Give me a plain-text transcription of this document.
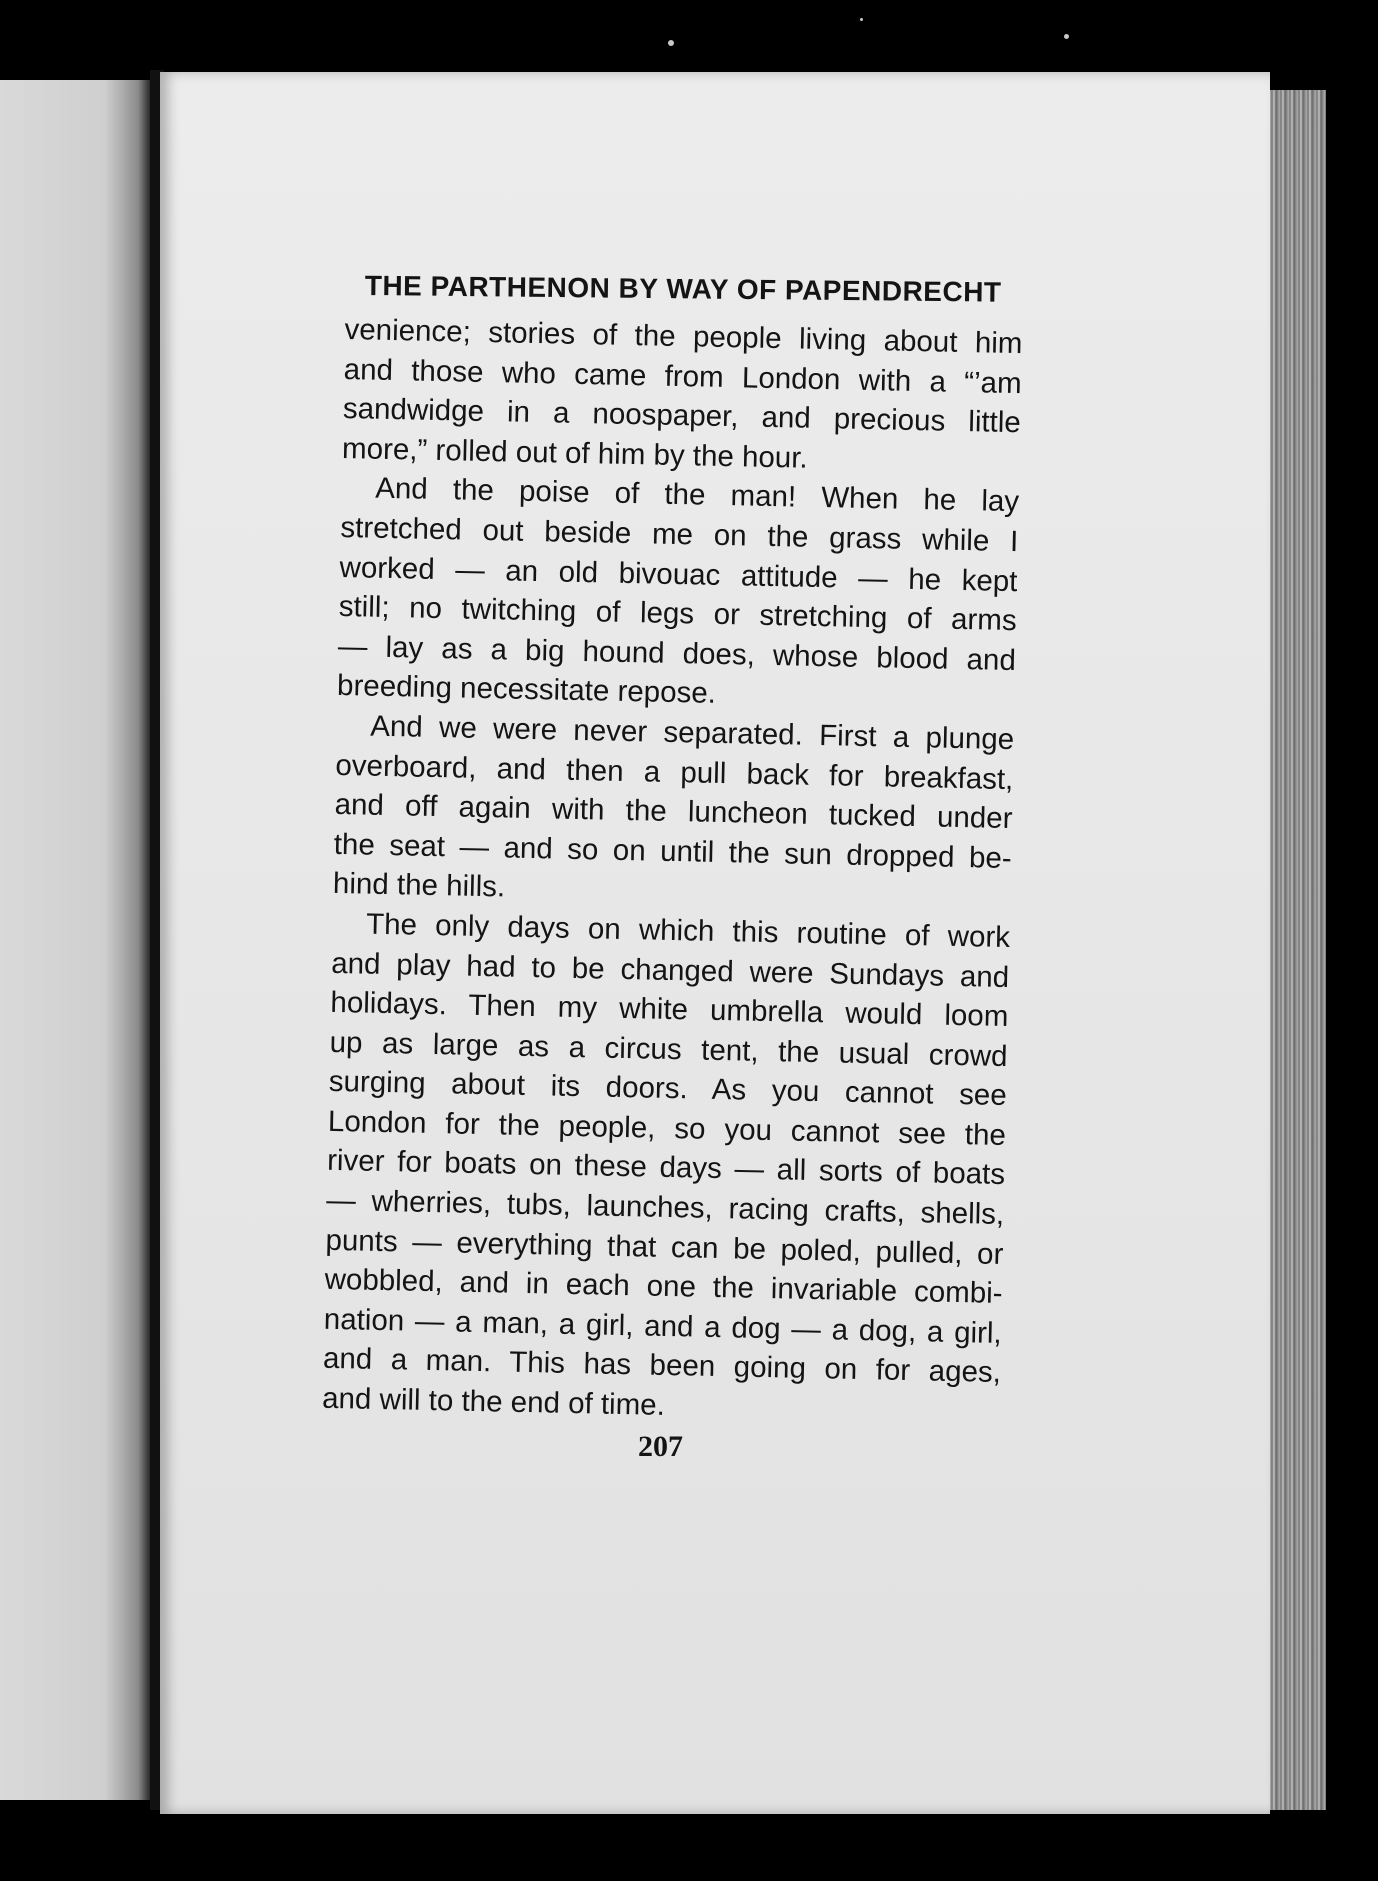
THE PARTHENON BY WAY OF PAPENDRECHT
venience; stories of the people living about him
and those who came from London with a “’am
sandwidge in a noospaper, and precious little
more,” rolled out of him by the hour.
And the poise of the man! When he lay
stretched out beside me on the grass while I
worked — an old bivouac attitude — he kept
still; no twitching of legs or stretching of arms
— lay as a big hound does, whose blood and
breeding necessitate repose.
And we were never separated. First a plunge
overboard, and then a pull back for breakfast,
and off again with the luncheon tucked under
the seat — and so on until the sun dropped be-
hind the hills.
The only days on which this routine of work
and play had to be changed were Sundays and
holidays. Then my white umbrella would loom
up as large as a circus tent, the usual crowd
surging about its doors. As you cannot see
London for the people, so you cannot see the
river for boats on these days — all sorts of boats
— wherries, tubs, launches, racing crafts, shells,
punts — everything that can be poled, pulled, or
wobbled, and in each one the invariable combi-
nation — a man, a girl, and a dog — a dog, a girl,
and a man. This has been going on for ages,
and will to the end of time.
207
